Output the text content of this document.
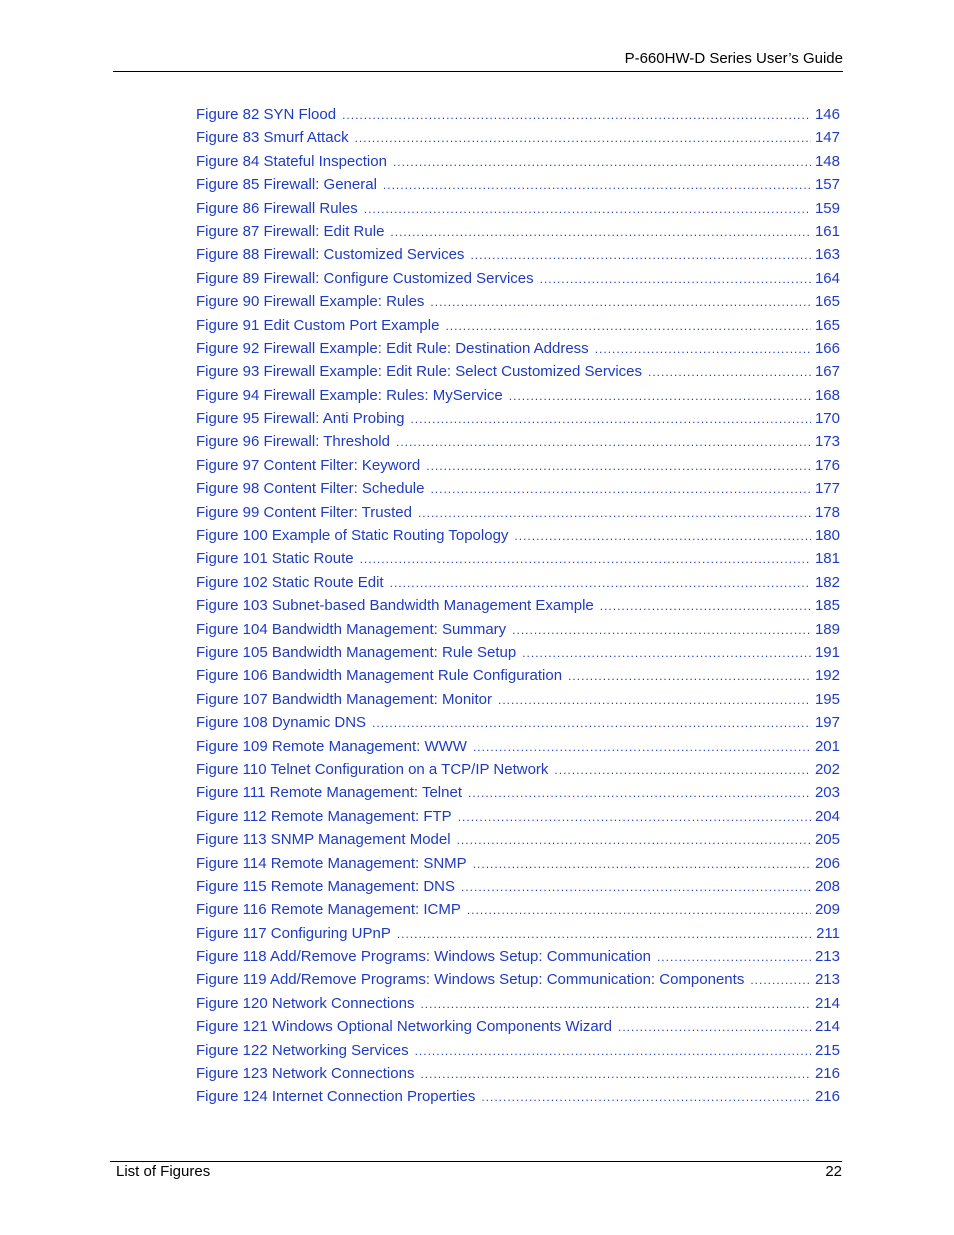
P-660HW-D Series User’s Guide
Figure 82 SYN Flood .....	146
Figure 83 Smurf Attack .....	147
Figure 84 Stateful Inspection .....	148
Figure 85 Firewall: General .....	157
Figure 86 Firewall Rules .....	159
Figure 87 Firewall: Edit Rule .....	161
Figure 88 Firewall: Customized Services .....	163
Figure 89 Firewall: Configure Customized Services .....	164
Figure 90 Firewall Example: Rules .....	165
Figure 91 Edit Custom Port Example .....	165
Figure 92 Firewall Example: Edit Rule: Destination Address .....	166
Figure 93 Firewall Example: Edit Rule: Select Customized Services .....	167
Figure 94 Firewall Example: Rules: MyService .....	168
Figure 95 Firewall: Anti Probing .....	170
Figure 96 Firewall: Threshold .....	173
Figure 97 Content Filter: Keyword .....	176
Figure 98 Content Filter: Schedule .....	177
Figure 99 Content Filter: Trusted .....	178
Figure 100 Example of Static Routing Topology .....	180
Figure 101 Static Route .....	181
Figure 102 Static Route Edit .....	182
Figure 103 Subnet-based Bandwidth Management Example .....	185
Figure 104 Bandwidth Management: Summary .....	189
Figure 105 Bandwidth Management: Rule Setup .....	191
Figure 106 Bandwidth Management Rule Configuration .....	192
Figure 107 Bandwidth Management: Monitor .....	195
Figure 108 Dynamic DNS .....	197
Figure 109 Remote Management: WWW .....	201
Figure 110 Telnet Configuration on a TCP/IP Network .....	202
Figure 111 Remote Management: Telnet .....	203
Figure 112 Remote Management: FTP .....	204
Figure 113 SNMP Management Model .....	205
Figure 114 Remote Management: SNMP .....	206
Figure 115 Remote Management: DNS .....	208
Figure 116 Remote Management: ICMP .....	209
Figure 117 Configuring UPnP .....	211
Figure 118 Add/Remove Programs: Windows Setup: Communication .....	213
Figure 119 Add/Remove Programs: Windows Setup: Communication: Components .....	213
Figure 120 Network Connections .....	214
Figure 121 Windows Optional Networking Components Wizard .....	214
Figure 122 Networking Services .....	215
Figure 123 Network Connections .....	216
Figure 124 Internet Connection Properties .....	216
List of Figures	22
